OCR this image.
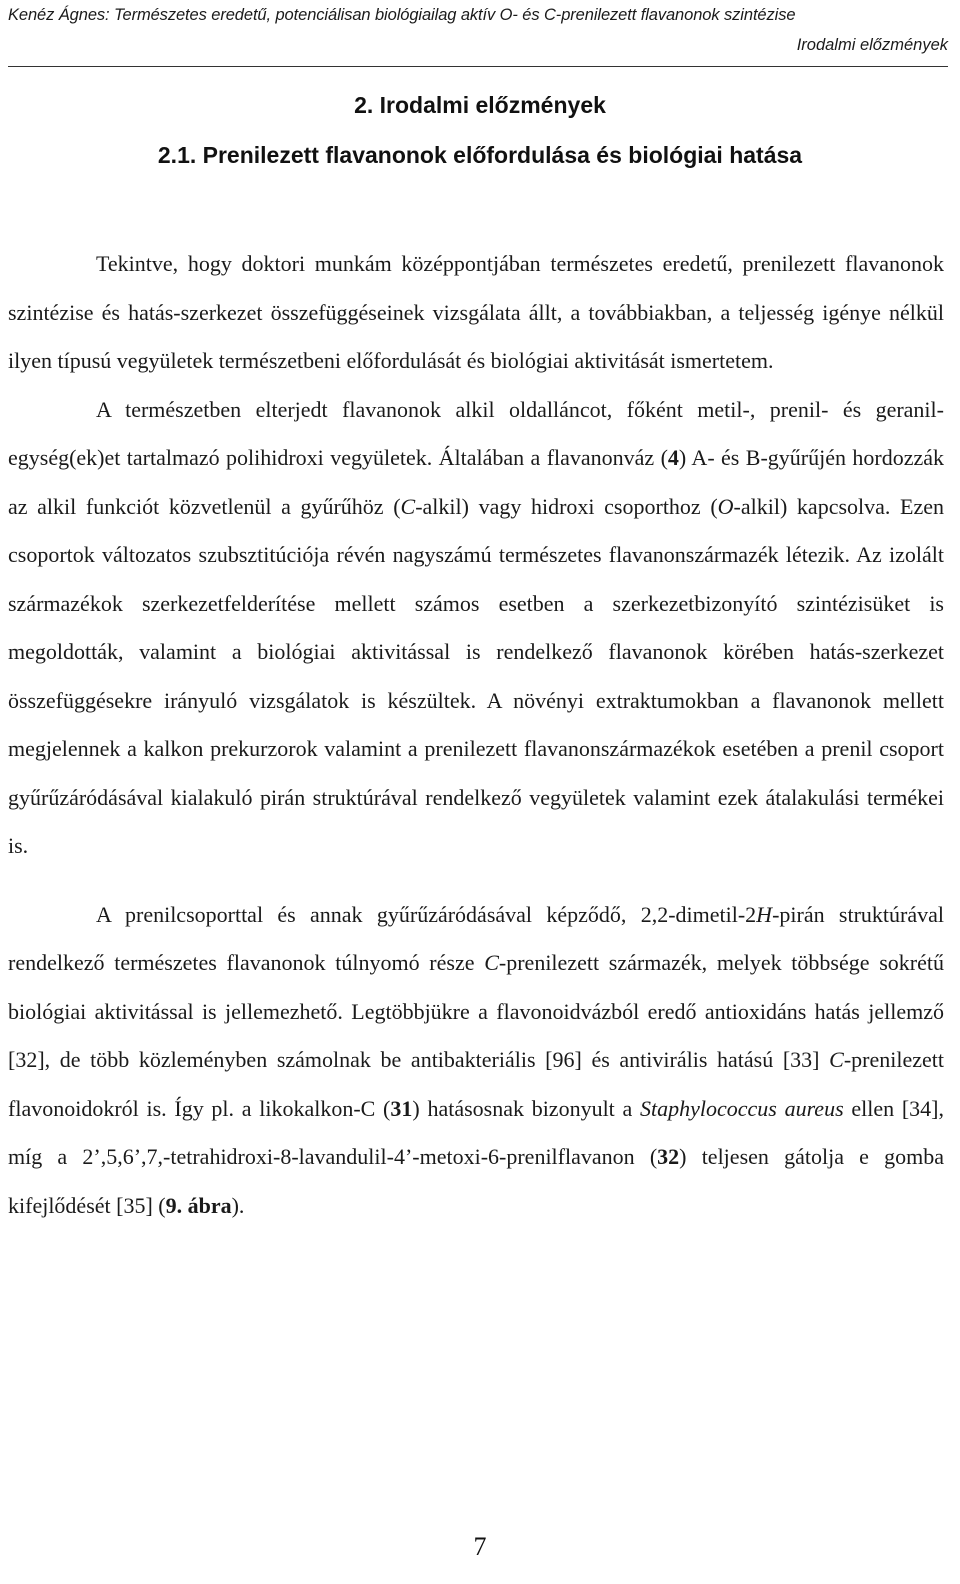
Kenéz Ágnes: Természetes eredetű, potenciálisan biológiailag aktív O- és C-prenilezett flavanonok szintézise
Irodalmi előzmények
2. Irodalmi előzmények
2.1. Prenilezett flavanonok előfordulása és biológiai hatása

Tekintve, hogy doktori munkám középpontjában természetes eredetű, prenilezett flavanonok szintézise és hatás-szerkezet összefüggéseinek vizsgálata állt, a továbbiakban, a teljesség igénye nélkül ilyen típusú vegyületek természetbeni előfordulását és biológiai aktivitását ismertetem.

A természetben elterjedt flavanonok alkil oldalláncot, főként metil-, prenil- és geranil-egység(ek)et tartalmazó polihidroxi vegyületek. Általában a flavanonváz (4) A- és B-gyűrűjén hordozzák az alkil funkciót közvetlenül a gyűrűhöz (C-alkil) vagy hidroxi csoporthoz (O-alkil) kapcsolva. Ezen csoportok változatos szubsztitúciója révén nagyszámú természetes flavanonszármazék létezik. Az izolált származékok szerkezetfelderítése mellett számos esetben a szerkezetbizonyító szintézisüket is megoldották, valamint a biológiai aktivitással is rendelkező flavanonok körében hatás-szerkezet összefüggésekre irányuló vizsgálatok is készültek. A növényi extraktumokban a flavanonok mellett megjelennek a kalkon prekurzorok valamint a prenilezett flavanonszármazékok esetében a prenil csoport gyűrűzáródásával kialakuló pirán struktúrával rendelkező vegyületek valamint ezek átalakulási termékei is.

A prenilcsoporttal és annak gyűrűzáródásával képződő, 2,2-dimetil-2H-pirán struktúrával rendelkező természetes flavanonok túlnyomó része C-prenilezett származék, melyek többsége sokrétű biológiai aktivitással is jellemezhető. Legtöbbjükre a flavonoidvázból eredő antioxidáns hatás jellemző [32], de több közleményben számolnak be antibakteriális [96] és antivirális hatású [33] C-prenilezett flavonoidokról is. Így pl. a likokalkon-C (31) hatásosnak bizonyult a Staphylococcus aureus ellen [34], míg a 2’,5,6’,7,-tetrahidroxi-8-lavandulil-4’-metoxi-6-prenilflavanon (32) teljesen gátolja e gomba kifejlődését [35] (9. ábra).

7
